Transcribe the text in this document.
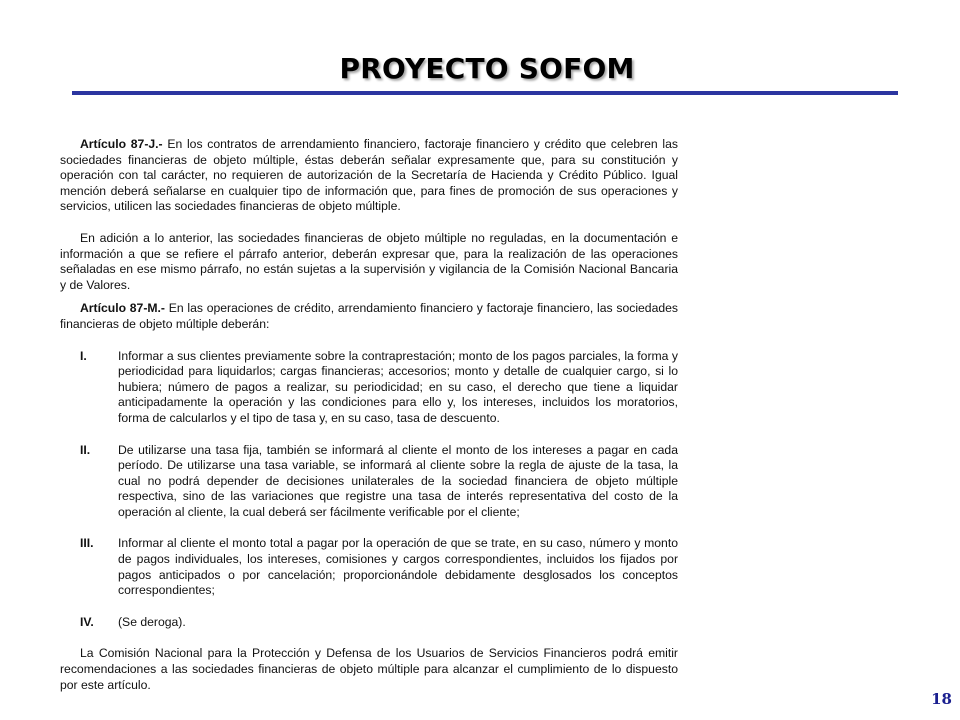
PROYECTO SOFOM

Artículo 87-J.- En los contratos de arrendamiento financiero, factoraje financiero y crédito que celebren las sociedades financieras de objeto múltiple, éstas deberán señalar expresamente que, para su constitución y operación con tal carácter, no requieren de autorización de la Secretaría de Hacienda y Crédito Público. Igual mención deberá señalarse en cualquier tipo de información que, para fines de promoción de sus operaciones y servicios, utilicen las sociedades financieras de objeto múltiple.

En adición a lo anterior, las sociedades financieras de objeto múltiple no reguladas, en la documentación e información a que se refiere el párrafo anterior, deberán expresar que, para la realización de las operaciones señaladas en ese mismo párrafo, no están sujetas a la supervisión y vigilancia de la Comisión Nacional Bancaria y de Valores.

Artículo 87-M.- En las operaciones de crédito, arrendamiento financiero y factoraje financiero, las sociedades financieras de objeto múltiple deberán:

I.	Informar a sus clientes previamente sobre la contraprestación; monto de los pagos parciales, la forma y periodicidad para liquidarlos; cargas financieras; accesorios; monto y detalle de cualquier cargo, si lo hubiera; número de pagos a realizar, su periodicidad; en su caso, el derecho que tiene a liquidar anticipadamente la operación y las condiciones para ello y, los intereses, incluidos los moratorios, forma de calcularlos y el tipo de tasa y, en su caso, tasa de descuento.
II.	De utilizarse una tasa fija, también se informará al cliente el monto de los intereses a pagar en cada período. De utilizarse una tasa variable, se informará al cliente sobre la regla de ajuste de la tasa, la cual no podrá depender de decisiones unilaterales de la sociedad financiera de objeto múltiple respectiva, sino de las variaciones que registre una tasa de interés representativa del costo de la operación al cliente, la cual deberá ser fácilmente verificable por el cliente;
III.	Informar al cliente el monto total a pagar por la operación de que se trate, en su caso, número y monto de pagos individuales, los intereses, comisiones y cargos correspondientes, incluidos los fijados por pagos anticipados o por cancelación; proporcionándole debidamente desglosados los conceptos correspondientes;
IV.	(Se deroga).

La Comisión Nacional para la Protección y Defensa de los Usuarios de Servicios Financieros podrá emitir recomendaciones a las sociedades financieras de objeto múltiple para alcanzar el cumplimiento de lo dispuesto por este artículo.

18
